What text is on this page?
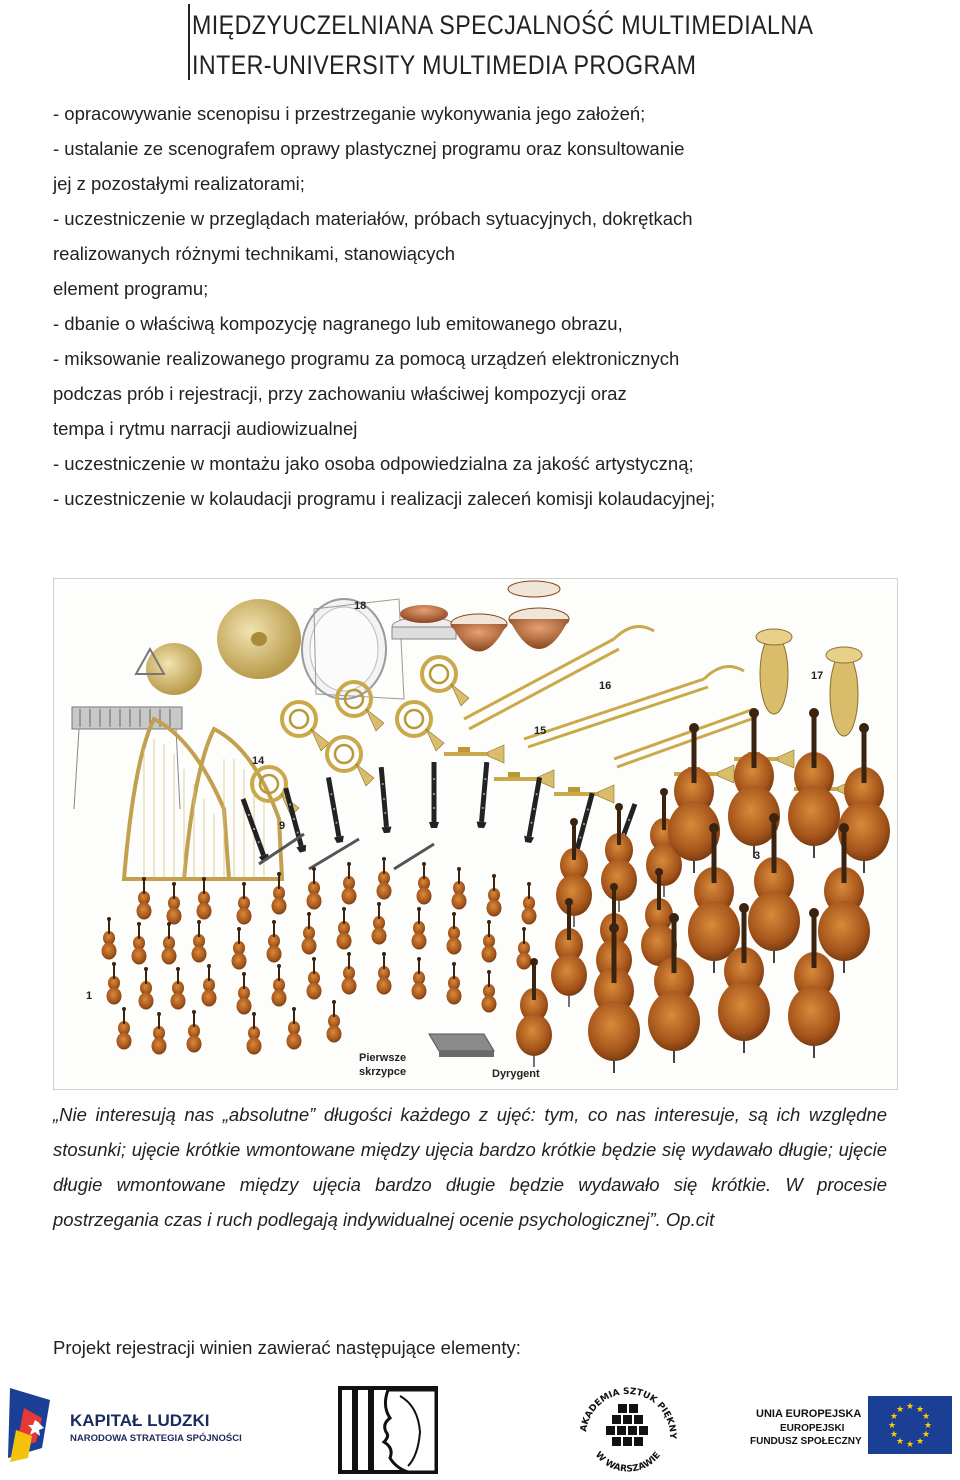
MIĘDZYUCZELNIANA SPECJALNOŚĆ MULTIMEDIALNA
INTER-UNIVERSITY MULTIMEDIA PROGRAM
- opracowywanie scenopisu i przestrzeganie wykonywania jego założeń;
- ustalanie ze scenografem oprawy plastycznej programu oraz konsultowanie
jej z pozostałymi realizatorami;
- uczestniczenie w przeglądach materiałów, próbach sytuacyjnych, dokrętkach
realizowanych różnymi technikami, stanowiących
element programu;
- dbanie o właściwą kompozycję nagranego lub emitowanego obrazu,
- miksowanie realizowanego programu za pomocą urządzeń elektronicznych
podczas prób i rejestracji, przy zachowaniu właściwej kompozycji oraz
tempa i rytmu narracji audiowizualnej
- uczestniczenie w montażu jako osoba odpowiedzialna za jakość artystyczną;
- uczestniczenie w kolaudacji programu i realizacji zaleceń komisji kolaudacyjnej;
18
16
15
17
14
9
3
1
Pierwsze
skrzypce	Dyrygent
„Nie interesują nas „absolutne” długości każdego z ujęć: tym, co nas interesuje, są ich względne stosunki; ujęcie krótkie wmontowane między ujęcia bardzo krótkie będzie się wydawało długie; ujęcie długie wmontowane między ujęcia bardzo długie będzie wydawało się krótkie. W procesie postrzegania czas i ruch podlegają indywidualnej ocenie psychologicznej”. Op.cit
Projekt rejestracji winien zawierać następujące elementy:
KAPITAŁ LUDZKI
NARODOWA STRATEGIA SPÓJNOŚCI
AKADEMIA SZTUK PIĘKNY
W WARSZAWIE
UNIA EUROPEJSKA
EUROPEJSKI
FUNDUSZ SPOŁECZNY
★ ★
★
★
★
★
★
★
★
★
★
★
